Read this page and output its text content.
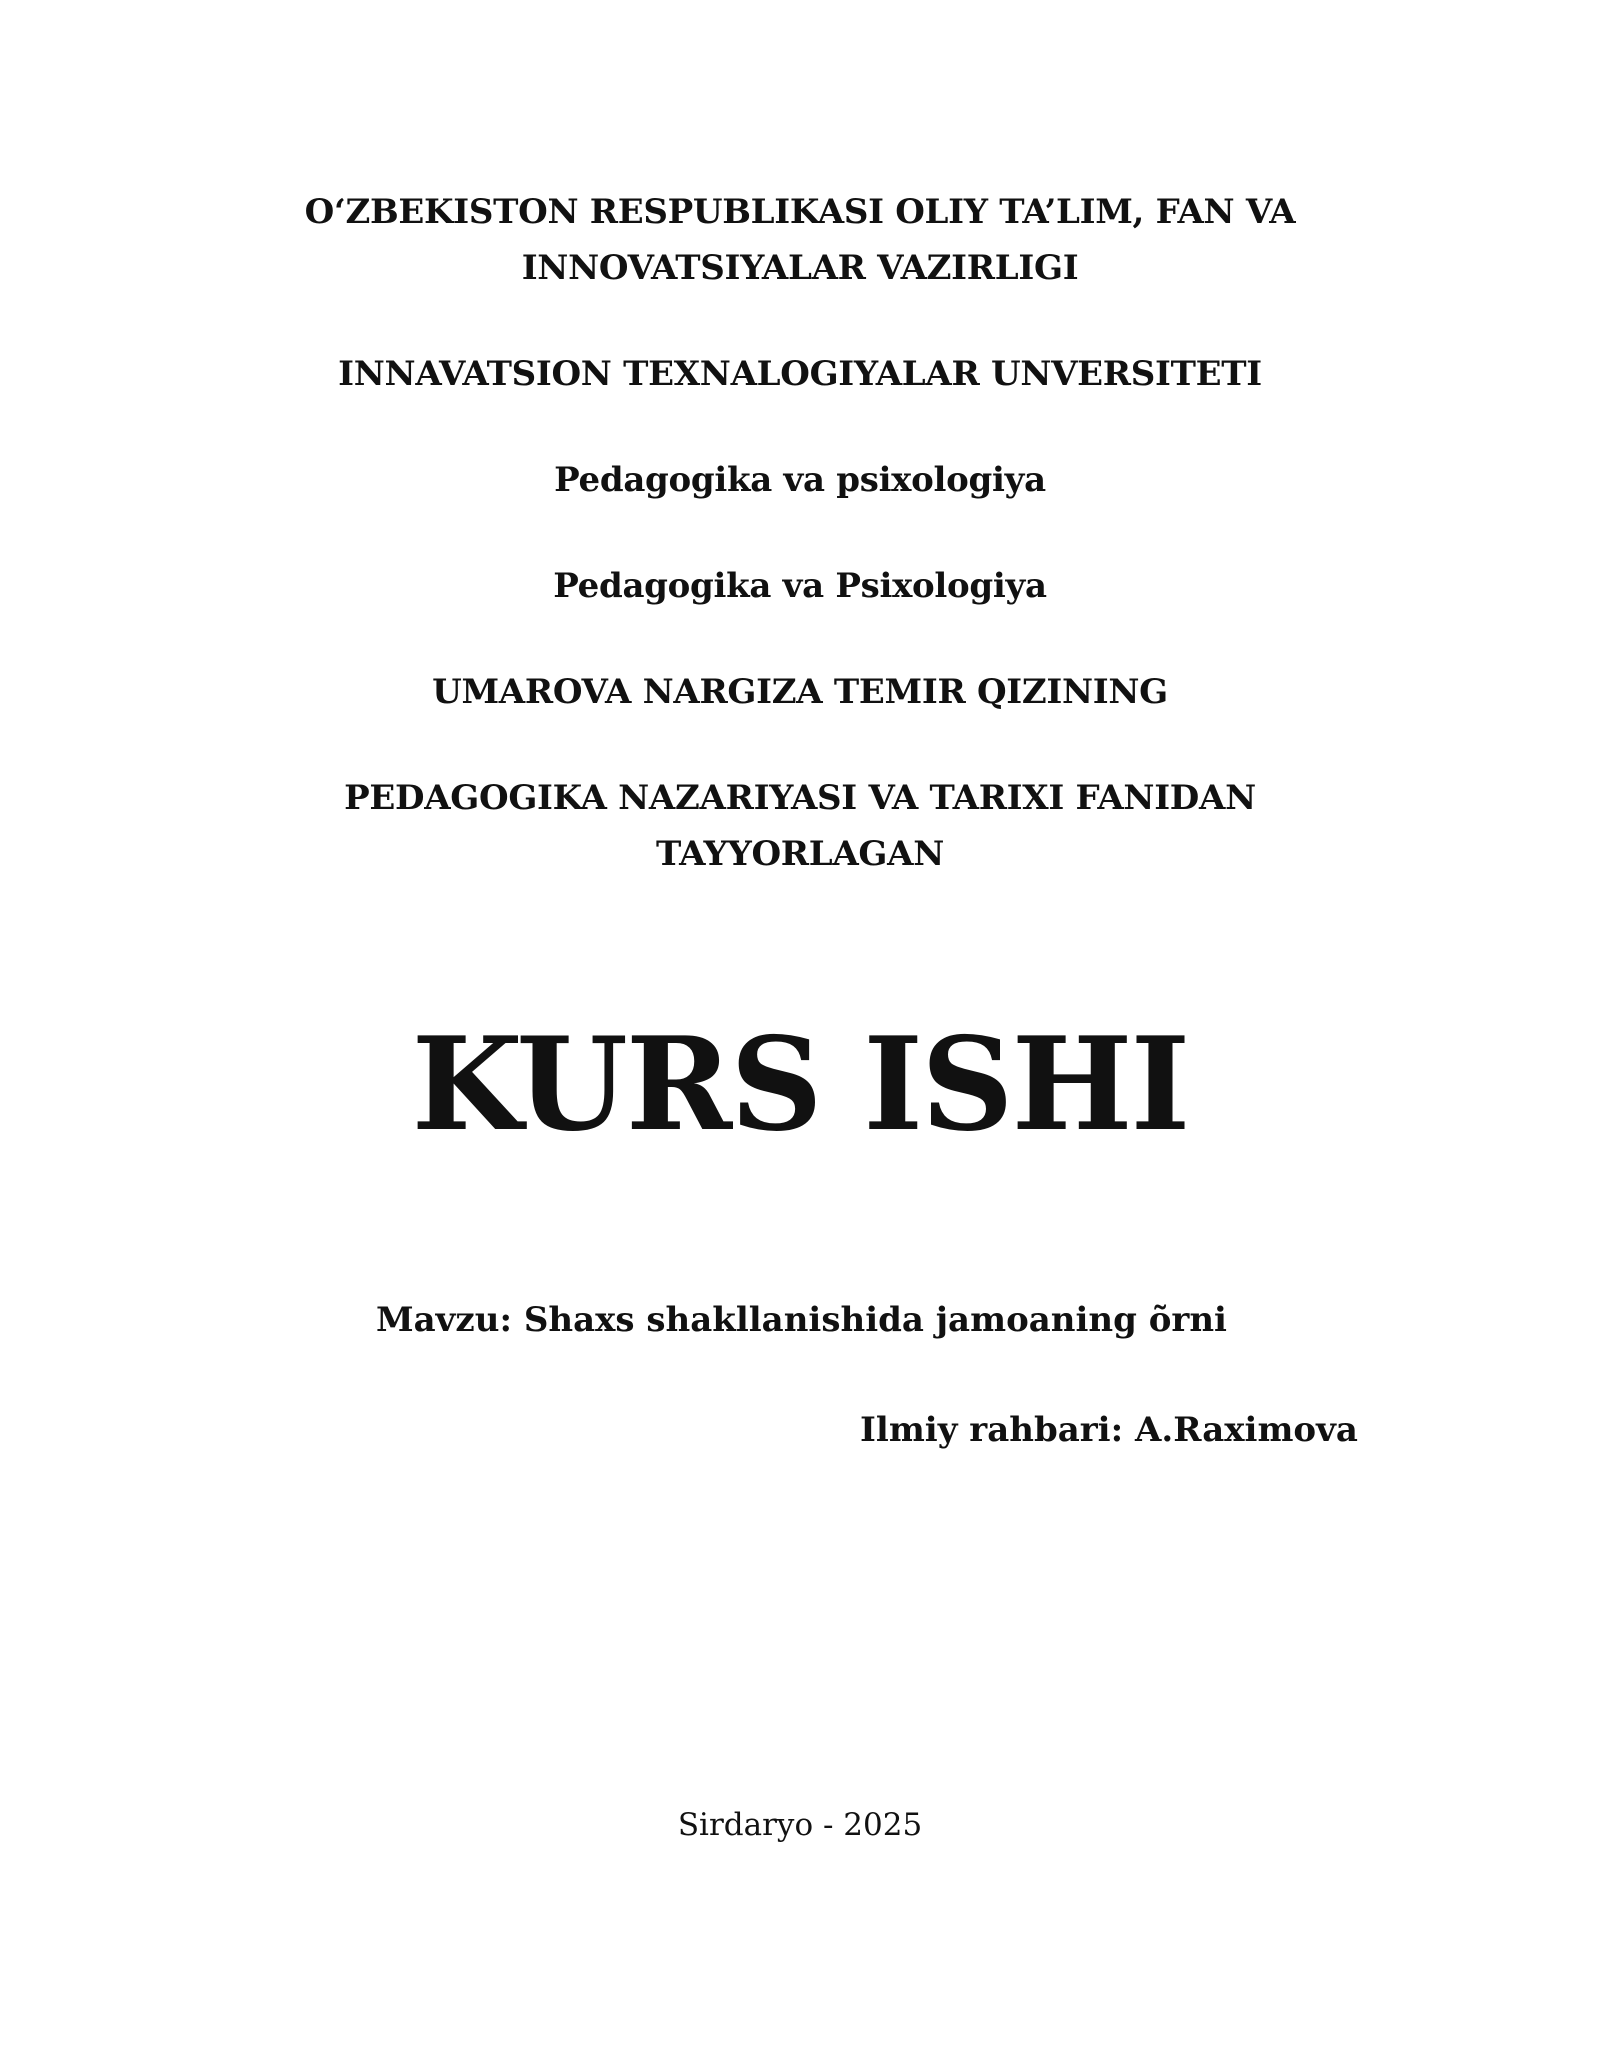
O‘ZBEKISTON RESPUBLIKASI OLIY TA’LIM, FAN VA
INNOVATSIYALAR VAZIRLIGI
INNAVATSION TEXNALOGIYALAR UNVERSITETI
Pedagogika va psixologiya
Pedagogika va Psixologiya
UMAROVA NARGIZA TEMIR QIZINING
PEDAGOGIKA NAZARIYASI VA TARIXI FANIDAN
TAYYORLAGAN
KURS ISHI
Mavzu: Shaxs shakllanishida jamoaning õrni
Ilmiy rahbari: A.Raximova
Sirdaryo - 2025
